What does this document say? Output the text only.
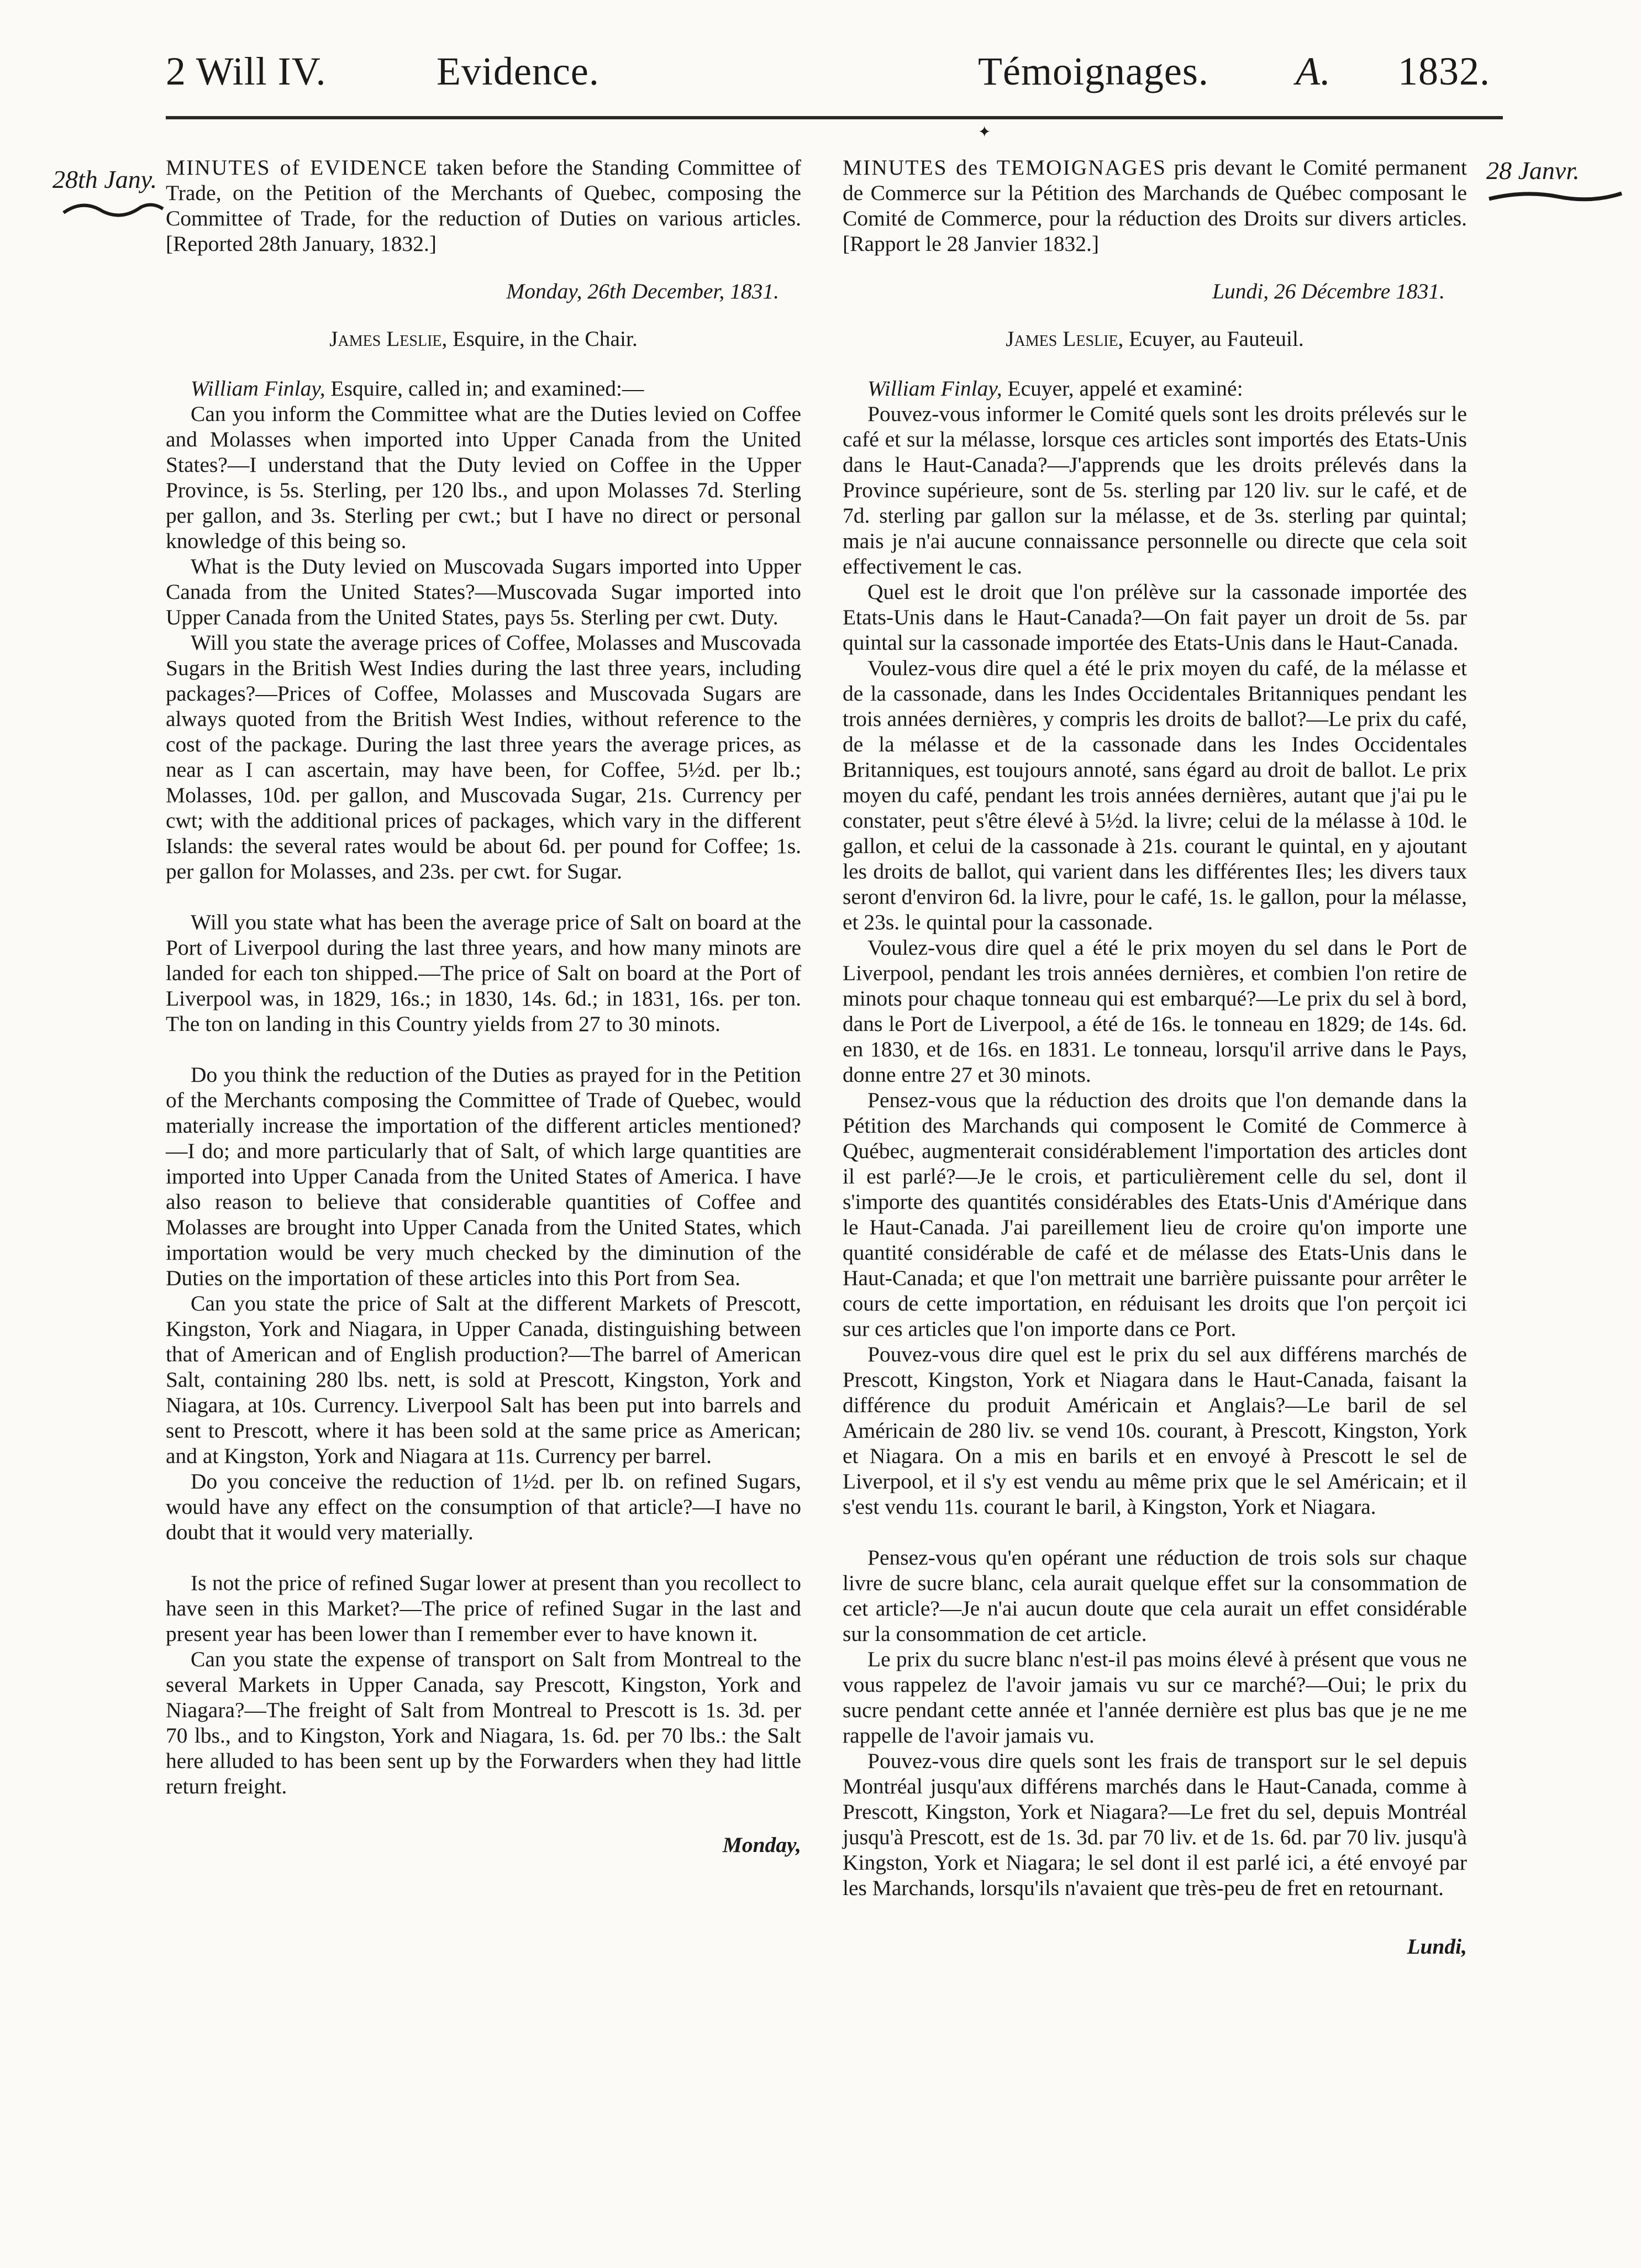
2 Will IV.	Evidence.	Témoignages. A. 1832.
✦
28th Jany.	28 Janvr.

MINUTES of EVIDENCE taken before the Standing Committee of Trade, on the Petition of the Merchants of Quebec, composing the Committee of Trade, for the reduction of Duties on various articles. [Reported 28th January, 1832.]

Monday, 26th December, 1831.

James Leslie, Esquire, in the Chair.

William Finlay, Esquire, called in; and examined:—

Can you inform the Committee what are the Duties levied on Coffee and Molasses when imported into Upper Canada from the United States?—I understand that the Duty levied on Coffee in the Upper Province, is 5s. Sterling, per 120 lbs., and upon Molasses 7d. Sterling per gallon, and 3s. Sterling per cwt.; but I have no direct or personal knowledge of this being so.

What is the Duty levied on Muscovada Sugars imported into Upper Canada from the United States?—Muscovada Sugar imported into Upper Canada from the United States, pays 5s. Sterling per cwt. Duty.

Will you state the average prices of Coffee, Molasses and Muscovada Sugars in the British West Indies during the last three years, including packages?—Prices of Coffee, Molasses and Muscovada Sugars are always quoted from the British West Indies, without reference to the cost of the package. During the last three years the average prices, as near as I can ascertain, may have been, for Coffee, 5½d. per lb.; Molasses, 10d. per gallon, and Muscovada Sugar, 21s. Currency per cwt; with the additional prices of packages, which vary in the different Islands: the several rates would be about 6d. per pound for Coffee; 1s. per gallon for Molasses, and 23s. per cwt. for Sugar.

Will you state what has been the average price of Salt on board at the Port of Liverpool during the last three years, and how many minots are landed for each ton shipped.—The price of Salt on board at the Port of Liverpool was, in 1829, 16s.; in 1830, 14s. 6d.; in 1831, 16s. per ton. The ton on landing in this Country yields from 27 to 30 minots.

Do you think the reduction of the Duties as prayed for in the Petition of the Merchants composing the Committee of Trade of Quebec, would materially increase the importation of the different articles mentioned?—I do; and more particularly that of Salt, of which large quantities are imported into Upper Canada from the United States of America. I have also reason to believe that considerable quantities of Coffee and Molasses are brought into Upper Canada from the United States, which importation would be very much checked by the diminution of the Duties on the importation of these articles into this Port from Sea.

Can you state the price of Salt at the different Markets of Prescott, Kingston, York and Niagara, in Upper Canada, distinguishing between that of American and of English production?—The barrel of American Salt, containing 280 lbs. nett, is sold at Prescott, Kingston, York and Niagara, at 10s. Currency. Liverpool Salt has been put into barrels and sent to Prescott, where it has been sold at the same price as American; and at Kingston, York and Niagara at 11s. Currency per barrel.

Do you conceive the reduction of 1½d. per lb. on refined Sugars, would have any effect on the consumption of that article?—I have no doubt that it would very materially.

Is not the price of refined Sugar lower at present than you recollect to have seen in this Market?—The price of refined Sugar in the last and present year has been lower than I remember ever to have known it.

Can you state the expense of transport on Salt from Montreal to the several Markets in Upper Canada, say Prescott, Kingston, York and Niagara?—The freight of Salt from Montreal to Prescott is 1s. 3d. per 70 lbs., and to Kingston, York and Niagara, 1s. 6d. per 70 lbs.: the Salt here alluded to has been sent up by the Forwarders when they had little return freight.

Monday,

MINUTES des TEMOIGNAGES pris devant le Comité permanent de Commerce sur la Pétition des Marchands de Québec composant le Comité de Commerce, pour la réduction des Droits sur divers articles. [Rapport le 28 Janvier 1832.]

Lundi, 26 Décembre 1831.

James Leslie, Ecuyer, au Fauteuil.

William Finlay, Ecuyer, appelé et examiné:

Pouvez-vous informer le Comité quels sont les droits prélevés sur le café et sur la mélasse, lorsque ces articles sont importés des Etats-Unis dans le Haut-Canada?—J'apprends que les droits prélevés dans la Province supérieure, sont de 5s. sterling par 120 liv. sur le café, et de 7d. sterling par gallon sur la mélasse, et de 3s. sterling par quintal; mais je n'ai aucune connaissance personnelle ou directe que cela soit effectivement le cas.

Quel est le droit que l'on prélève sur la cassonade importée des Etats-Unis dans le Haut-Canada?—On fait payer un droit de 5s. par quintal sur la cassonade importée des Etats-Unis dans le Haut-Canada.

Voulez-vous dire quel a été le prix moyen du café, de la mélasse et de la cassonade, dans les Indes Occidentales Britanniques pendant les trois années dernières, y compris les droits de ballot?—Le prix du café, de la mélasse et de la cassonade dans les Indes Occidentales Britanniques, est toujours annoté, sans égard au droit de ballot. Le prix moyen du café, pendant les trois années dernières, autant que j'ai pu le constater, peut s'être élevé à 5½d. la livre; celui de la mélasse à 10d. le gallon, et celui de la cassonade à 21s. courant le quintal, en y ajoutant les droits de ballot, qui varient dans les différentes Iles; les divers taux seront d'environ 6d. la livre, pour le café, 1s. le gallon, pour la mélasse, et 23s. le quintal pour la cassonade.

Voulez-vous dire quel a été le prix moyen du sel dans le Port de Liverpool, pendant les trois années dernières, et combien l'on retire de minots pour chaque tonneau qui est embarqué?—Le prix du sel à bord, dans le Port de Liverpool, a été de 16s. le tonneau en 1829; de 14s. 6d. en 1830, et de 16s. en 1831. Le tonneau, lorsqu'il arrive dans le Pays, donne entre 27 et 30 minots.

Pensez-vous que la réduction des droits que l'on demande dans la Pétition des Marchands qui composent le Comité de Commerce à Québec, augmenterait considérablement l'importation des articles dont il est parlé?—Je le crois, et particulièrement celle du sel, dont il s'importe des quantités considérables des Etats-Unis d'Amérique dans le Haut-Canada. J'ai pareillement lieu de croire qu'on importe une quantité considérable de café et de mélasse des Etats-Unis dans le Haut-Canada; et que l'on mettrait une barrière puissante pour arrêter le cours de cette importation, en réduisant les droits que l'on perçoit ici sur ces articles que l'on importe dans ce Port.

Pouvez-vous dire quel est le prix du sel aux différens marchés de Prescott, Kingston, York et Niagara dans le Haut-Canada, faisant la différence du produit Américain et Anglais?—Le baril de sel Américain de 280 liv. se vend 10s. courant, à Prescott, Kingston, York et Niagara. On a mis en barils et en envoyé à Prescott le sel de Liverpool, et il s'y est vendu au même prix que le sel Américain; et il s'est vendu 11s. courant le baril, à Kingston, York et Niagara.

Pensez-vous qu'en opérant une réduction de trois sols sur chaque livre de sucre blanc, cela aurait quelque effet sur la consommation de cet article?—Je n'ai aucun doute que cela aurait un effet considérable sur la consommation de cet article.

Le prix du sucre blanc n'est-il pas moins élevé à présent que vous ne vous rappelez de l'avoir jamais vu sur ce marché?—Oui; le prix du sucre pendant cette année et l'année dernière est plus bas que je ne me rappelle de l'avoir jamais vu.

Pouvez-vous dire quels sont les frais de transport sur le sel depuis Montréal jusqu'aux différens marchés dans le Haut-Canada, comme à Prescott, Kingston, York et Niagara?—Le fret du sel, depuis Montréal jusqu'à Prescott, est de 1s. 3d. par 70 liv. et de 1s. 6d. par 70 liv. jusqu'à Kingston, York et Niagara; le sel dont il est parlé ici, a été envoyé par les Marchands, lorsqu'ils n'avaient que très-peu de fret en retournant.

Lundi,
